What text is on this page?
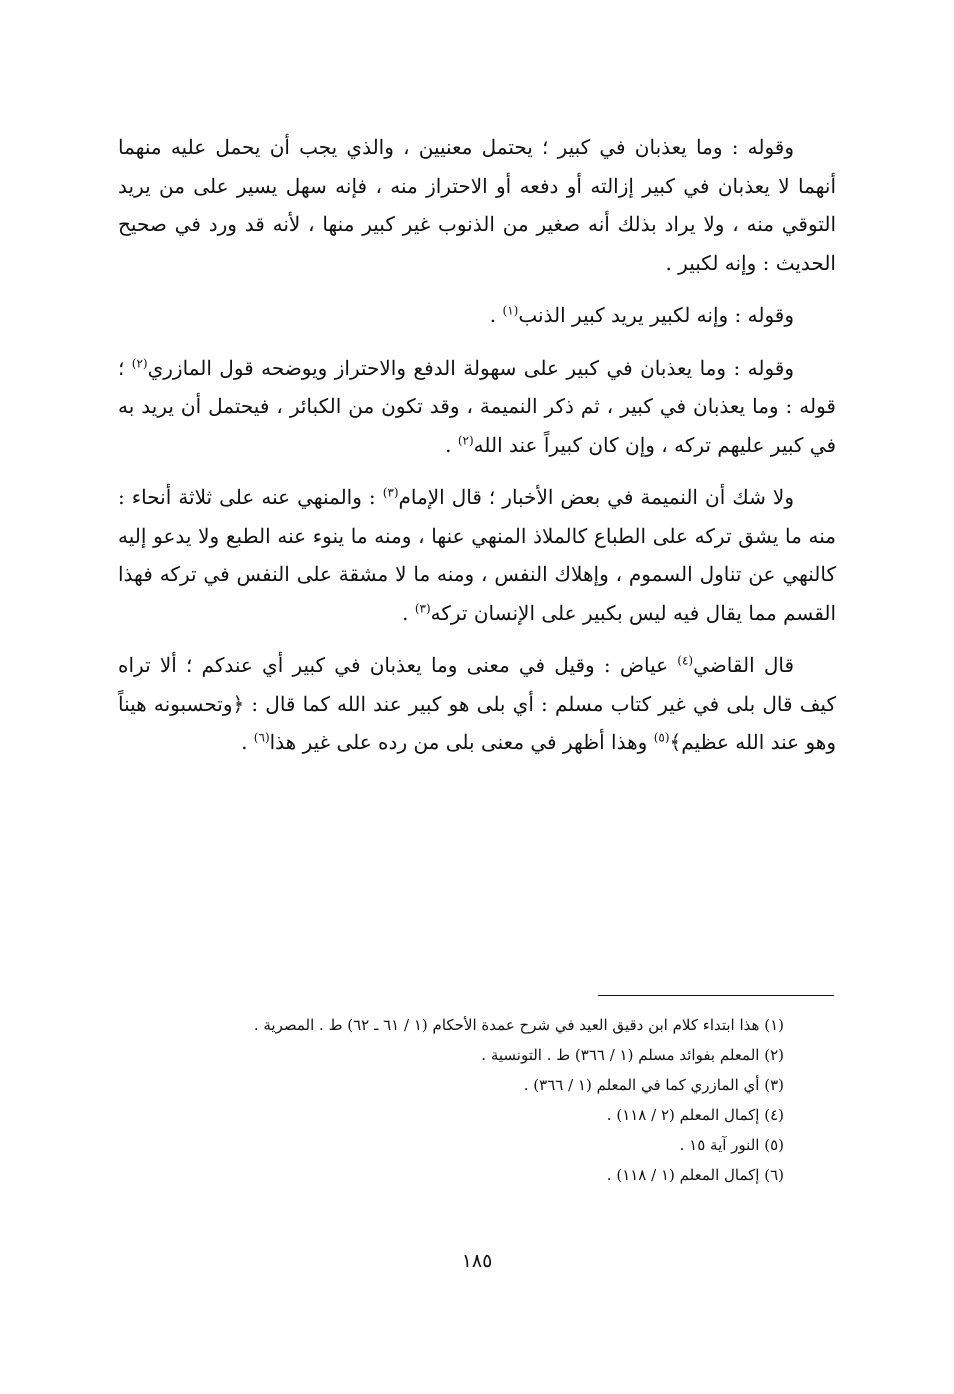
وقوله : وما يعذبان في كبير ؛ يحتمل معنيين ، والذي يجب أن يحمل عليه منهما أنهما لا يعذبان في كبير إزالته أو دفعه أو الاحتراز منه ، فإنه سهل يسير على من يريد التوقي منه ، ولا يراد بذلك أنه صغير من الذنوب غير كبير منها ، لأنه قد ورد في صحيح الحديث : وإنه لكبير .

وقوله : وإنه لكبير يريد كبير الذنب$^{(١)}$ .

وقوله : وما يعذبان في كبير على سهولة الدفع والاحتراز ويوضحه قول المازري$^{(٢)}$ ؛ قوله : وما يعذبان في كبير ، ثم ذكر النميمة ، وقد تكون من الكبائر ، فيحتمل أن يريد به في كبير عليهم تركه ، وإن كان كبيراً عند الله$^{(٢)}$ .

ولا شك أن النميمة في بعض الأخبار ؛ قال الإمام$^{(٣)}$ : والمنهي عنه على ثلاثة أنحاء : منه ما يشق تركه على الطباع كالملاذ المنهي عنها ، ومنه ما ينوء عنه الطبع ولا يدعو إليه كالنهي عن تناول السموم ، وإهلاك النفس ، ومنه ما لا مشقة على النفس في تركه فهذا القسم مما يقال فيه ليس بكبير على الإنسان تركه$^{(٣)}$ .

قال القاضي$^{(٤)}$ عياض : وقيل في معنى وما يعذبان في كبير أي عندكم ؛ ألا تراه كيف قال بلى في غير كتاب مسلم : أي بلى هو كبير عند الله كما قال : ﴿وتحسبونه هيناً وهو عند الله عظيم﴾$^{(٥)}$ وهذا أظهر في معنى بلى من رده على غير هذا$^{(٦)}$ .

(١) هذا ابتداء كلام ابن دقيق العيد في شرح عمدة الأحكام (١ / ٦١ ـ ٦٢) ط . المصرية .

(٢) المعلم بفوائد مسلم (١ / ٣٦٦) ط . التونسية .

(٣) أي المازري كما في المعلم (١ / ٣٦٦) .

(٤) إكمال المعلم (٢ / ١١٨) .

(٥) النور آية ١٥ .

(٦) إكمال المعلم (١ / ١١٨) .

١٨٥
